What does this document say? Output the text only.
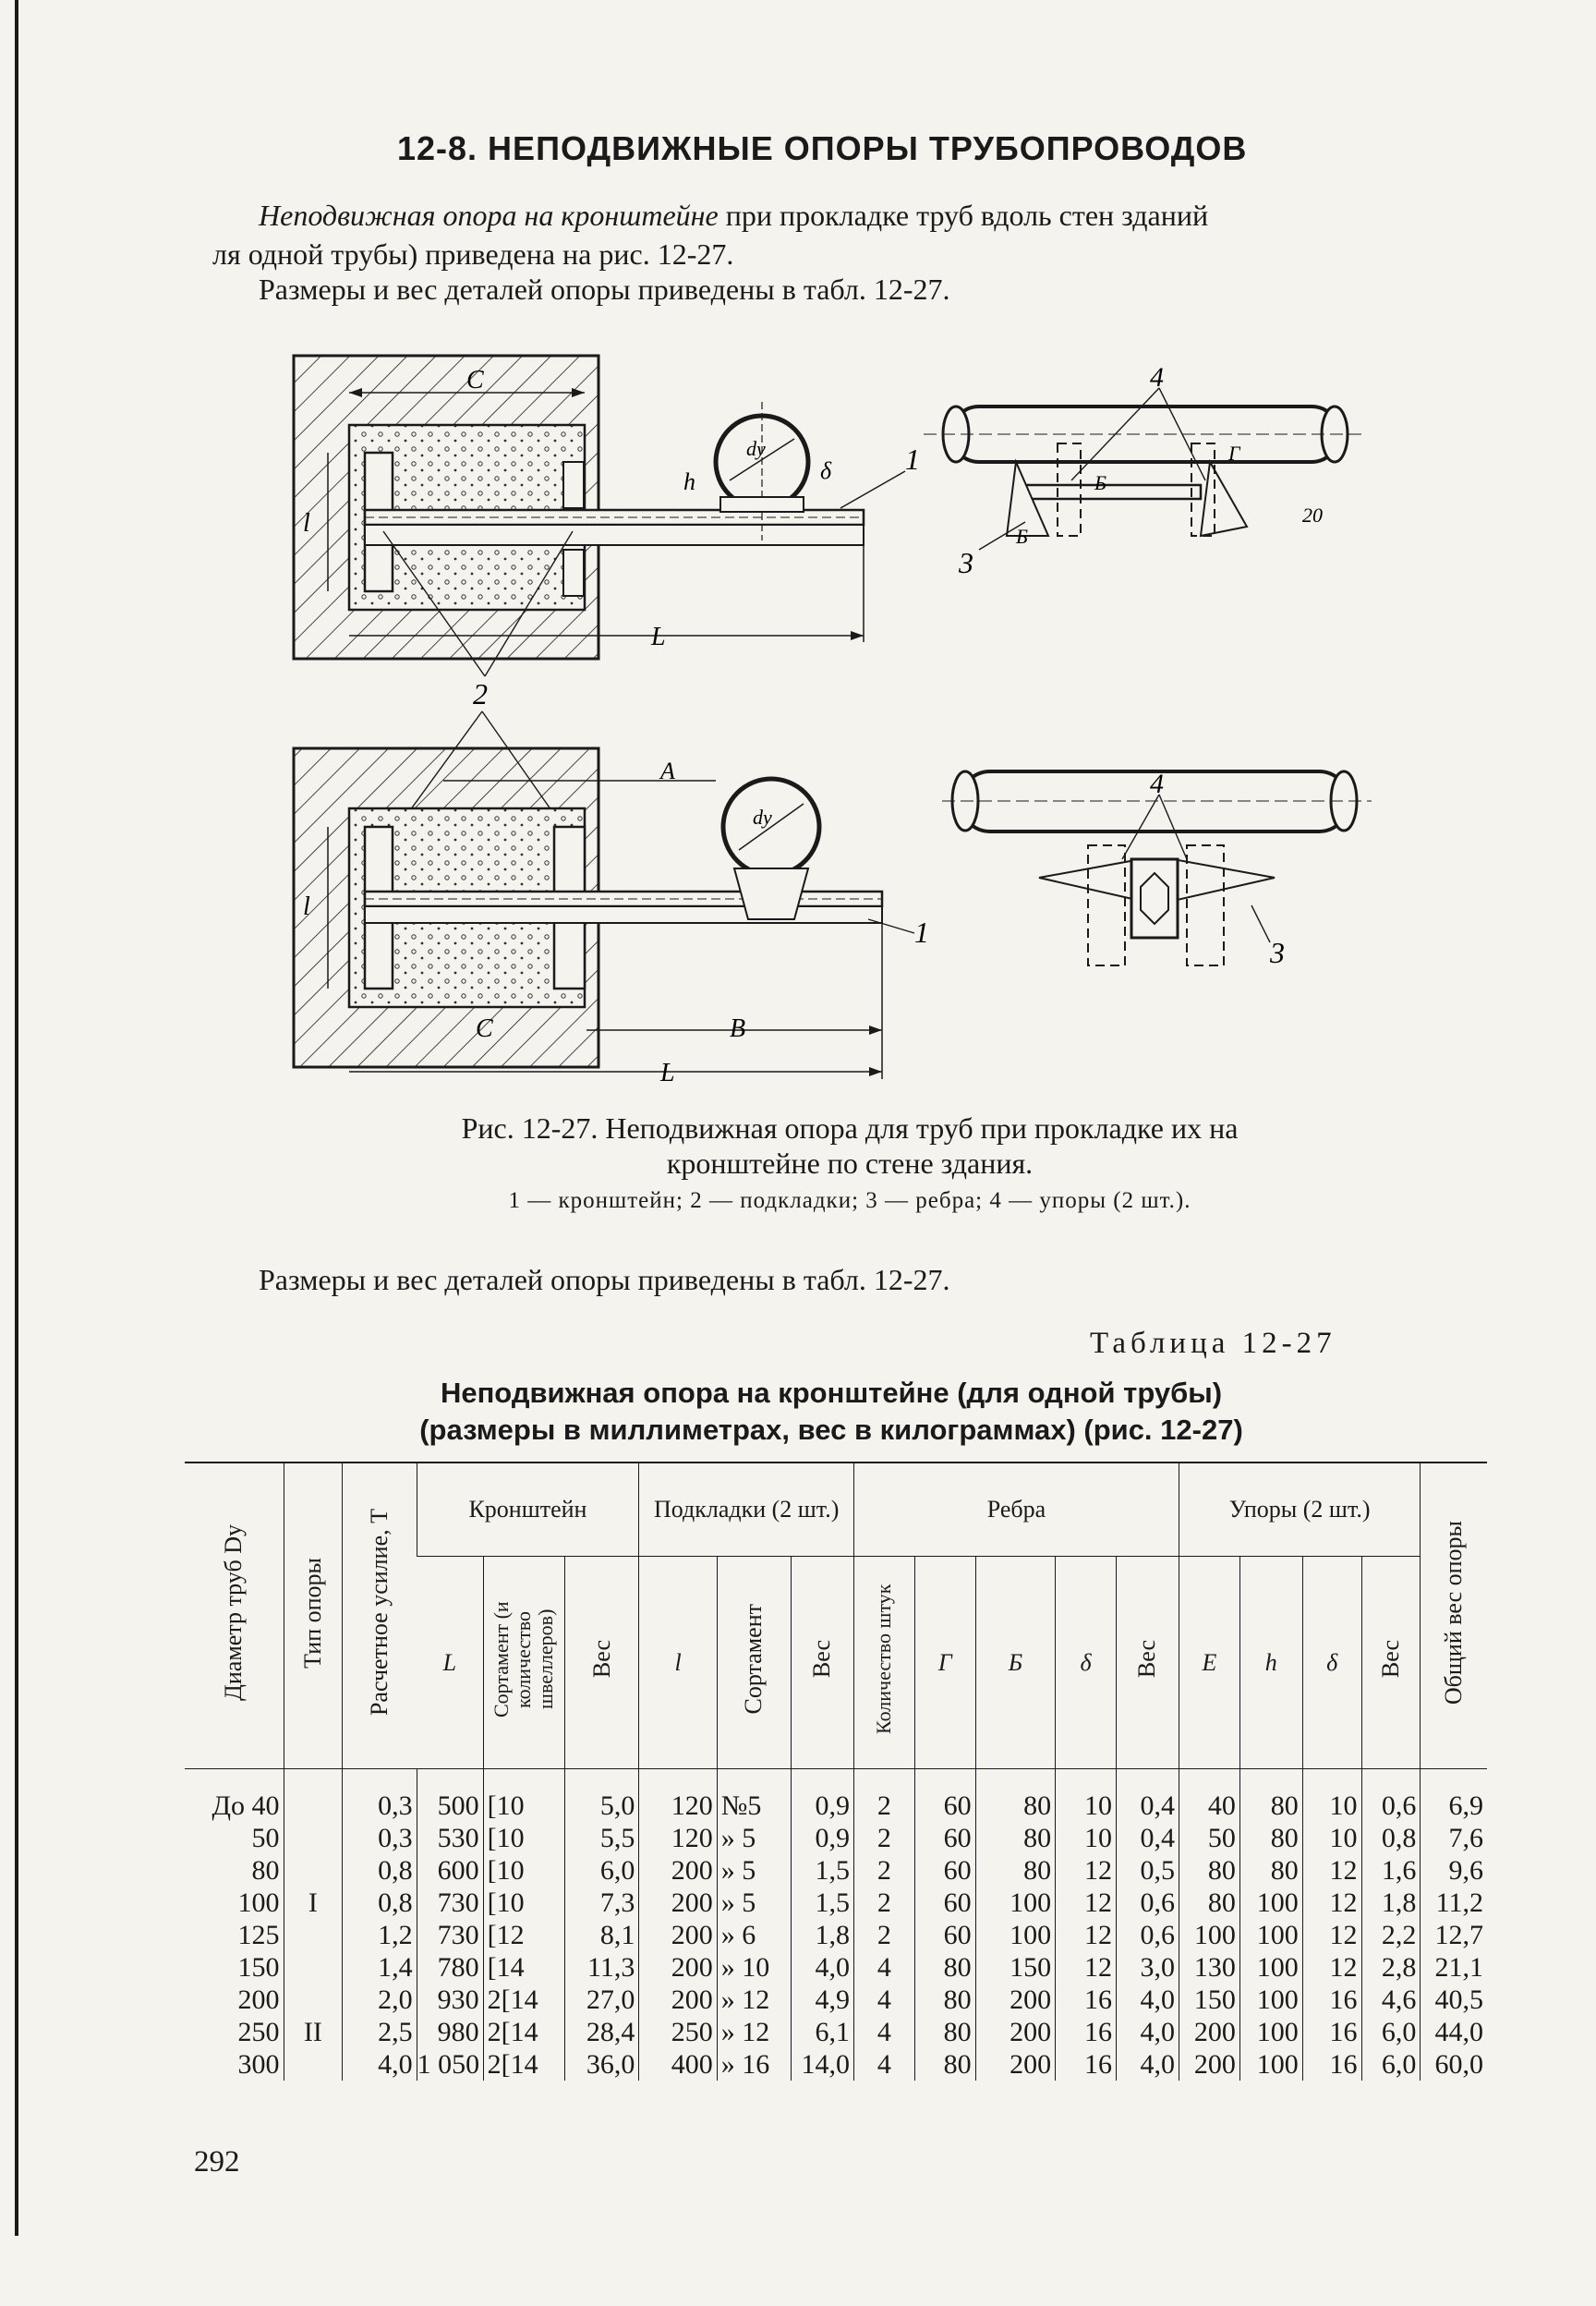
12-8. НЕПОДВИЖНЫЕ ОПОРЫ ТРУБОПРОВОДОВ
Неподвижная опора на кронштейне при прокладке труб вдоль стен зданий
ля одной трубы) приведена на рис. 12-27.
Размеры и вес деталей опоры приведены в табл. 12-27.
C
l
L
dy
δ
h
1
2
4
Б
Г
20
Б
3
A
l
C	B
L
dy
1
4
3
Рис. 12-27. Неподвижная опора для труб при прокладке их на
кронштейне по стене здания.
1 — кронштейн; 2 — подкладки; 3 — ребра; 4 — упоры (2 шт.).
Размеры и вес деталей опоры приведены в табл. 12-27.
Таблица 12-27
Неподвижная опора на кронштейне (для одной трубы)
(размеры в миллиметрах, вес в килограммах) (рис. 12-27)
Диаметр труб Dy	Тип опоры	Расчетное усилие, Т	Кронштейн			Подкладки (2 шт.)			Ребра					Упоры (2 шт.)				Общий вес опоры
			L	Сортамент (и количество швеллеров)	Вес	l	Сортамент	Вес	Количество штук	Г	Б	δ	Вес	E	h	δ	Вес	

До 40		0,3	500	[10	5,0	120	№5	0,9	2	60	80	10	0,4	40	80	10	0,6	6,9
50		0,3	530	[10	5,5	120	» 5	0,9	2	60	80	10	0,4	50	80	10	0,8	7,6
80		0,8	600	[10	6,0	200	» 5	1,5	2	60	80	12	0,5	80	80	12	1,6	9,6
100	I	0,8	730	[10	7,3	200	» 5	1,5	2	60	100	12	0,6	80	100	12	1,8	11,2
125		1,2	730	[12	8,1	200	» 6	1,8	2	60	100	12	0,6	100	100	12	2,2	12,7
150		1,4	780	[14	11,3	200	» 10	4,0	4	80	150	12	3,0	130	100	12	2,8	21,1
200		2,0	930	2[14	27,0	200	» 12	4,9	4	80	200	16	4,0	150	100	16	4,6	40,5
250	II	2,5	980	2[14	28,4	250	» 12	6,1	4	80	200	16	4,0	200	100	16	6,0	44,0
300		4,0	1 050	2[14	36,0	400	» 16	14,0	4	80	200	16	4,0	200	100	16	6,0	60,0
292
